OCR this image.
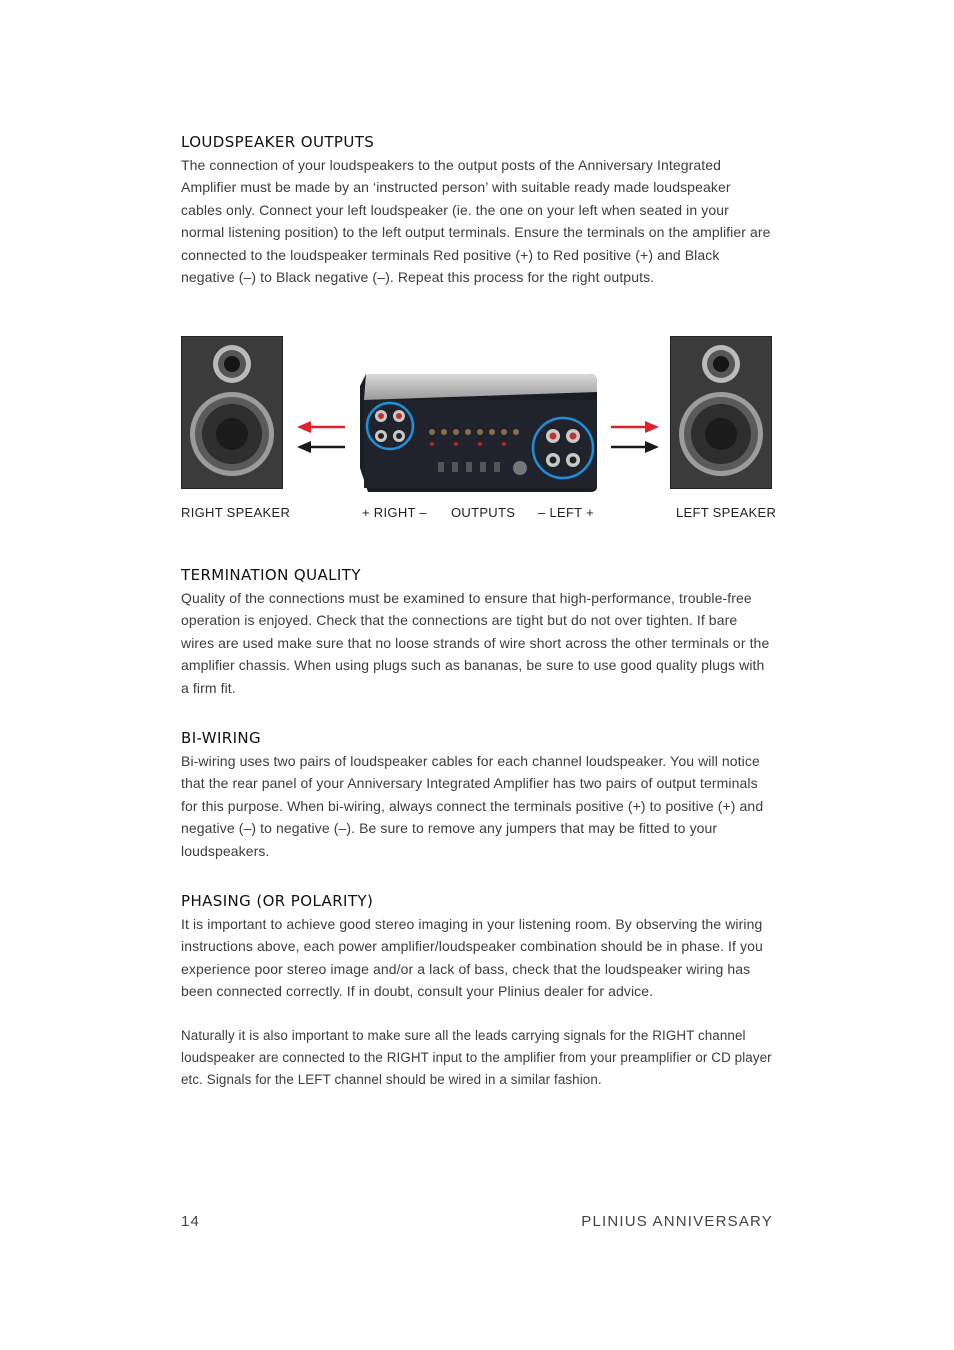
LOUDSPEAKER OUTPUTS

The connection of your loudspeakers to the output posts of the Anniversary Integrated Amplifier must be made by an ‘instructed person’ with suitable ready made loudspeaker cables only. Connect your left loudspeaker (ie. the one on your left when seated in your normal listening position) to the left output terminals. Ensure the terminals on the amplifier are connected to the loudspeaker terminals Red positive (+) to Red positive (+) and Black negative (–) to Black negative (–). Repeat this process for the right outputs.

RIGHT SPEAKER	+ RIGHT – OUTPUTS – LEFT +	LEFT SPEAKER
TERMINATION QUALITY

Quality of the connections must be examined to ensure that high-performance, trouble-free operation is enjoyed. Check that the connections are tight but do not over tighten. If bare wires are used make sure that no loose strands of wire short across the other terminals or the amplifier chassis. When using plugs such as bananas, be sure to use good quality plugs with a firm fit.

BI-WIRING

Bi-wiring uses two pairs of loudspeaker cables for each channel loudspeaker. You will notice that the rear panel of your Anniversary Integrated Amplifier has two pairs of output terminals for this purpose. When bi-wiring, always connect the terminals positive (+) to positive (+) and negative (–) to negative (–). Be sure to remove any jumpers that may be fitted to your loudspeakers.

PHASING (OR POLARITY)

It is important to achieve good stereo imaging in your listening room. By observing the wiring instructions above, each power amplifier/loudspeaker combination should be in phase. If you experience poor stereo image and/or a lack of bass, check that the loudspeaker wiring has been connected correctly. If in doubt, consult your Plinius dealer for advice.

Naturally it is also important to make sure all the leads carrying signals for the RIGHT channel loudspeaker are connected to the RIGHT input to the amplifier from your preamplifier or CD player etc. Signals for the LEFT channel should be wired in a similar fashion.

14	PLINIUS ANNIVERSARY
